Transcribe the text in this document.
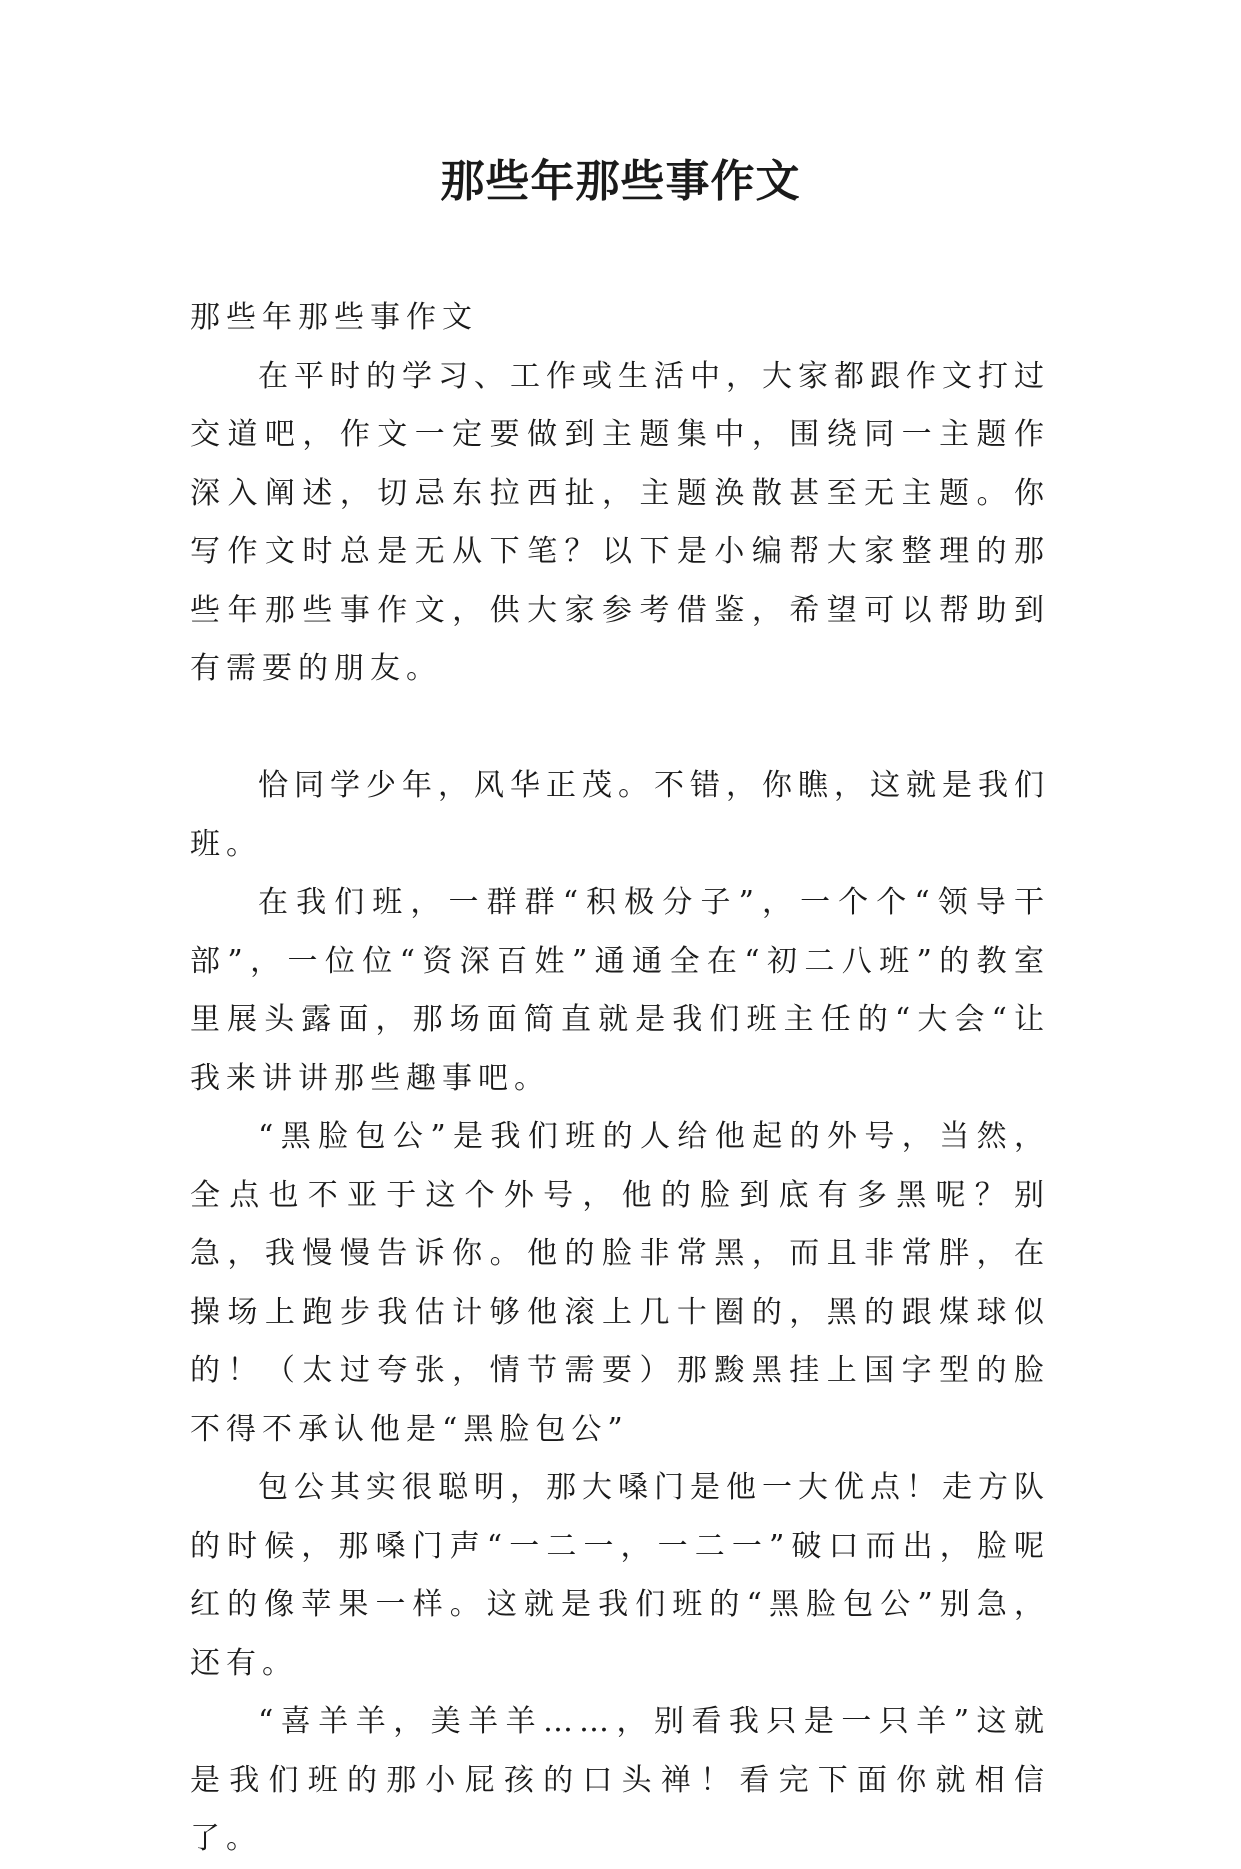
那些年那些事作文

那些年那些事作文

在平时的学习、工作或生活中，大家都跟作文打过交道吧，作文一定要做到主题集中，围绕同一主题作深入阐述，切忌东拉西扯，主题涣散甚至无主题。你写作文时总是无从下笔？以下是小编帮大家整理的那些年那些事作文，供大家参考借鉴，希望可以帮助到有需要的朋友。

恰同学少年，风华正茂。不错，你瞧，这就是我们班。

在我们班，一群群“积极分子”，一个个“领导干部”，一位位“资深百姓”通通全在“初二八班”的教室里展头露面，那场面简直就是我们班主任的“大会“让我来讲讲那些趣事吧。

“黑脸包公”是我们班的人给他起的外号，当然，全点也不亚于这个外号，他的脸到底有多黑呢？别急，我慢慢告诉你。他的脸非常黑，而且非常胖，在操场上跑步我估计够他滚上几十圈的，黑的跟煤球似的！（太过夸张，情节需要）那黢黑挂上国字型的脸不得不承认他是“黑脸包公”

包公其实很聪明，那大嗓门是他一大优点！走方队的时候，那嗓门声“一二一，一二一”破口而出，脸呢红的像苹果一样。这就是我们班的“黑脸包公”别急，还有。

“喜羊羊，美羊羊……，别看我只是一只羊”这就是我们班的那小屁孩的口头禅！看完下面你就相信了。
